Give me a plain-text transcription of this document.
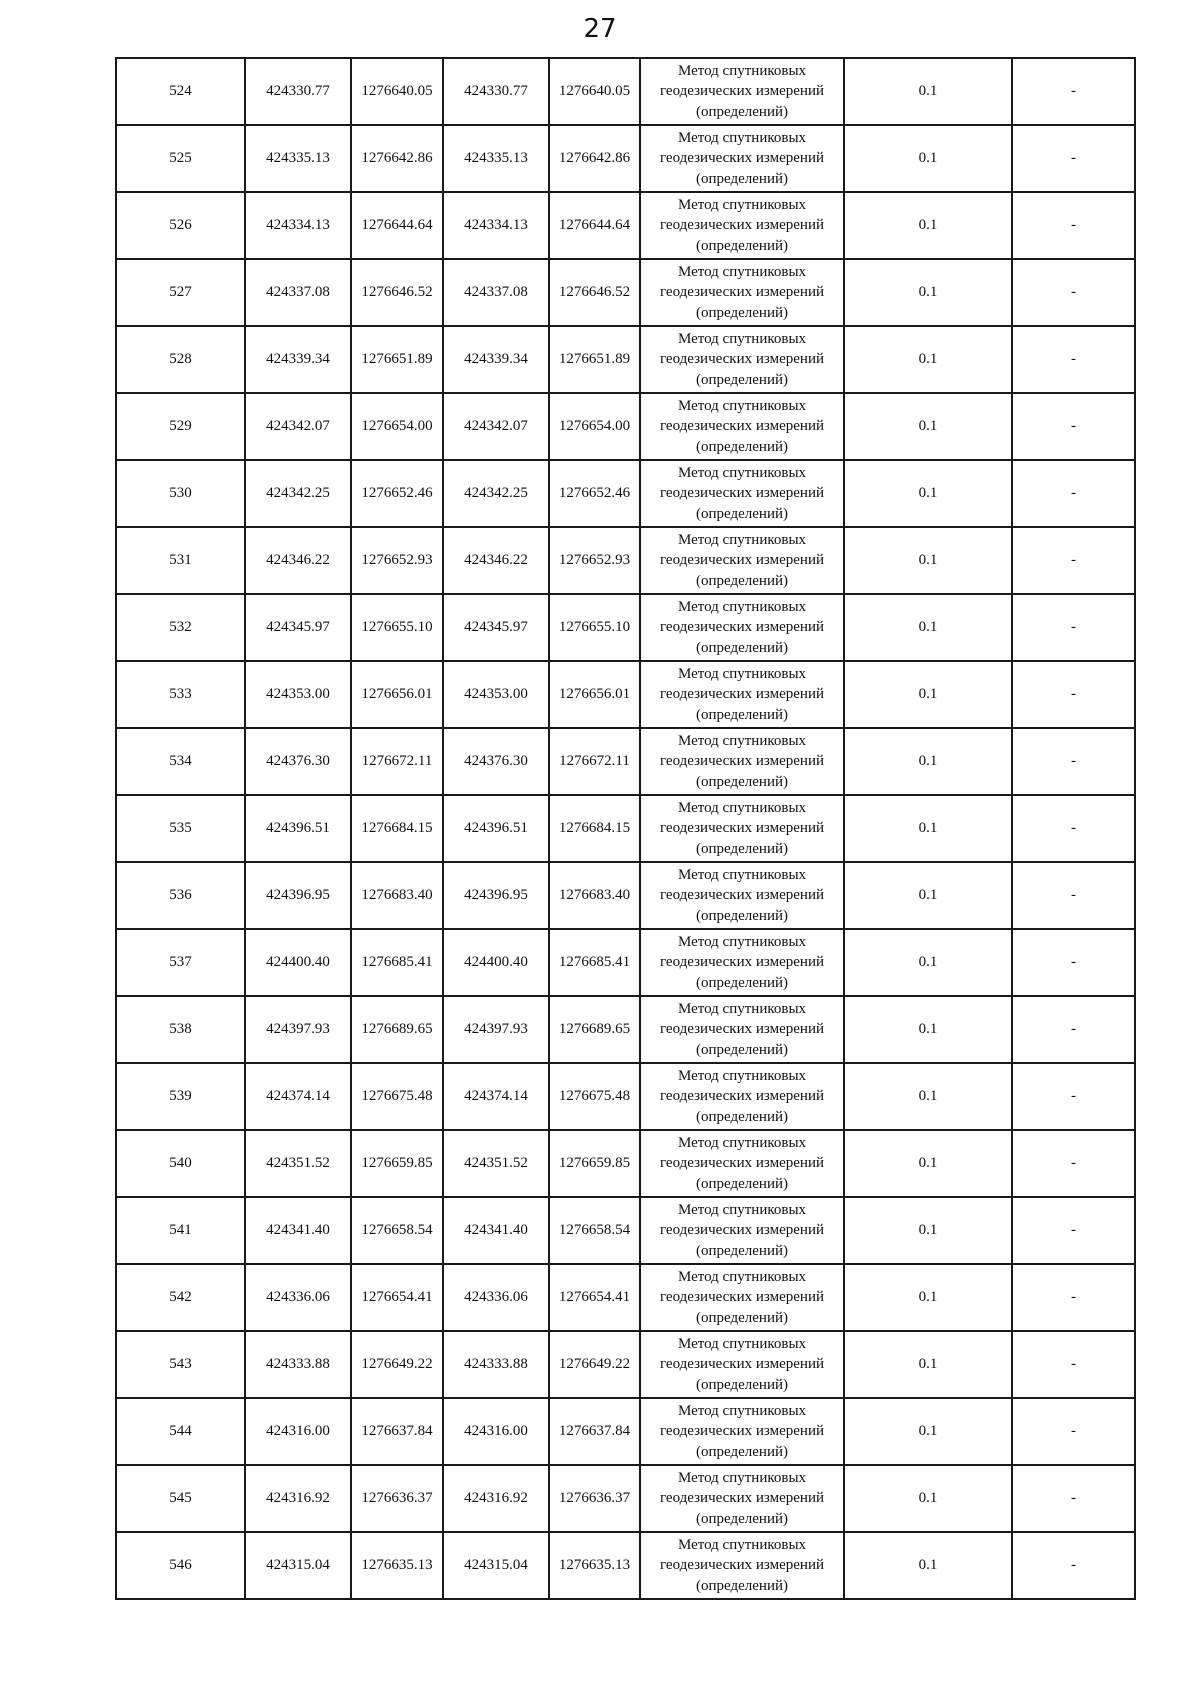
27
524	424330.77	1276640.05	424330.77	1276640.05	Метод спутниковых
геодезических измерений
(определений)	0.1	-
525	424335.13	1276642.86	424335.13	1276642.86	Метод спутниковых
геодезических измерений
(определений)	0.1	-
526	424334.13	1276644.64	424334.13	1276644.64	Метод спутниковых
геодезических измерений
(определений)	0.1	-
527	424337.08	1276646.52	424337.08	1276646.52	Метод спутниковых
геодезических измерений
(определений)	0.1	-
528	424339.34	1276651.89	424339.34	1276651.89	Метод спутниковых
геодезических измерений
(определений)	0.1	-
529	424342.07	1276654.00	424342.07	1276654.00	Метод спутниковых
геодезических измерений
(определений)	0.1	-
530	424342.25	1276652.46	424342.25	1276652.46	Метод спутниковых
геодезических измерений
(определений)	0.1	-
531	424346.22	1276652.93	424346.22	1276652.93	Метод спутниковых
геодезических измерений
(определений)	0.1	-
532	424345.97	1276655.10	424345.97	1276655.10	Метод спутниковых
геодезических измерений
(определений)	0.1	-
533	424353.00	1276656.01	424353.00	1276656.01	Метод спутниковых
геодезических измерений
(определений)	0.1	-
534	424376.30	1276672.11	424376.30	1276672.11	Метод спутниковых
геодезических измерений
(определений)	0.1	-
535	424396.51	1276684.15	424396.51	1276684.15	Метод спутниковых
геодезических измерений
(определений)	0.1	-
536	424396.95	1276683.40	424396.95	1276683.40	Метод спутниковых
геодезических измерений
(определений)	0.1	-
537	424400.40	1276685.41	424400.40	1276685.41	Метод спутниковых
геодезических измерений
(определений)	0.1	-
538	424397.93	1276689.65	424397.93	1276689.65	Метод спутниковых
геодезических измерений
(определений)	0.1	-
539	424374.14	1276675.48	424374.14	1276675.48	Метод спутниковых
геодезических измерений
(определений)	0.1	-
540	424351.52	1276659.85	424351.52	1276659.85	Метод спутниковых
геодезических измерений
(определений)	0.1	-
541	424341.40	1276658.54	424341.40	1276658.54	Метод спутниковых
геодезических измерений
(определений)	0.1	-
542	424336.06	1276654.41	424336.06	1276654.41	Метод спутниковых
геодезических измерений
(определений)	0.1	-
543	424333.88	1276649.22	424333.88	1276649.22	Метод спутниковых
геодезических измерений
(определений)	0.1	-
544	424316.00	1276637.84	424316.00	1276637.84	Метод спутниковых
геодезических измерений
(определений)	0.1	-
545	424316.92	1276636.37	424316.92	1276636.37	Метод спутниковых
геодезических измерений
(определений)	0.1	-
546	424315.04	1276635.13	424315.04	1276635.13	Метод спутниковых
геодезических измерений
(определений)	0.1	-
